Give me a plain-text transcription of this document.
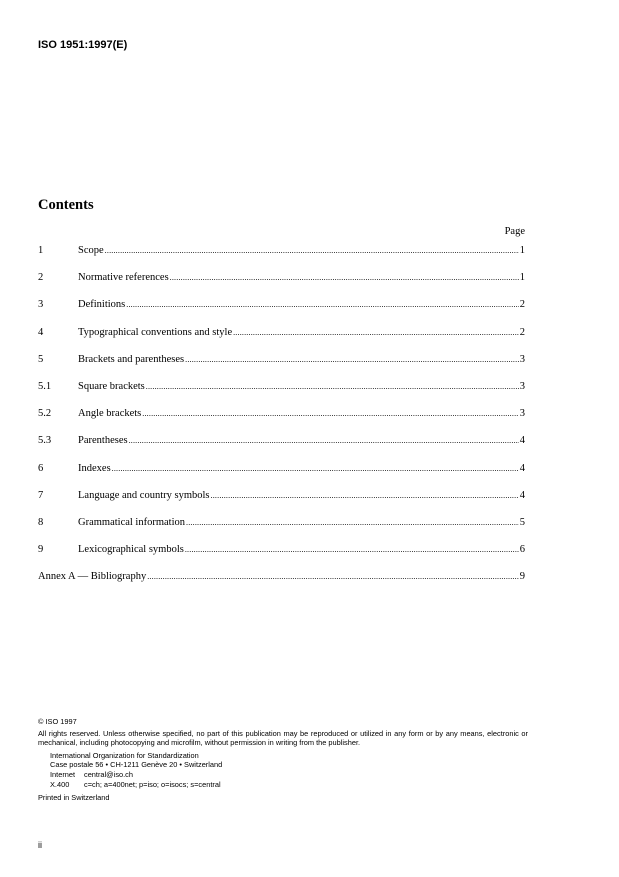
ISO 1951:1997(E)
Contents
Page
1	Scope .....	1
2	Normative references .....	1
3	Definitions .....	2
4	Typographical conventions and style .....	2
5	Brackets and parentheses .....	3
5.1	Square brackets .....	3
5.2	Angle brackets .....	3
5.3	Parentheses .....	4
6	Indexes .....	4
7	Language and country symbols .....	4
8	Grammatical information .....	5
9	Lexicographical symbols .....	6
Annex A — Bibliography .....	9
© ISO 1997
All rights reserved. Unless otherwise specified, no part of this publication may be reproduced or utilized in any form or by any means, electronic or mechanical, including photocopying and microfilm, without permission in writing from the publisher.
International Organization for Standardization
Case postale 56 • CH-1211 Genève 20 • Switzerland
Internet central@iso.ch
X.400 c=ch; a=400net; p=iso; o=isocs; s=central
Printed in Switzerland
ii
